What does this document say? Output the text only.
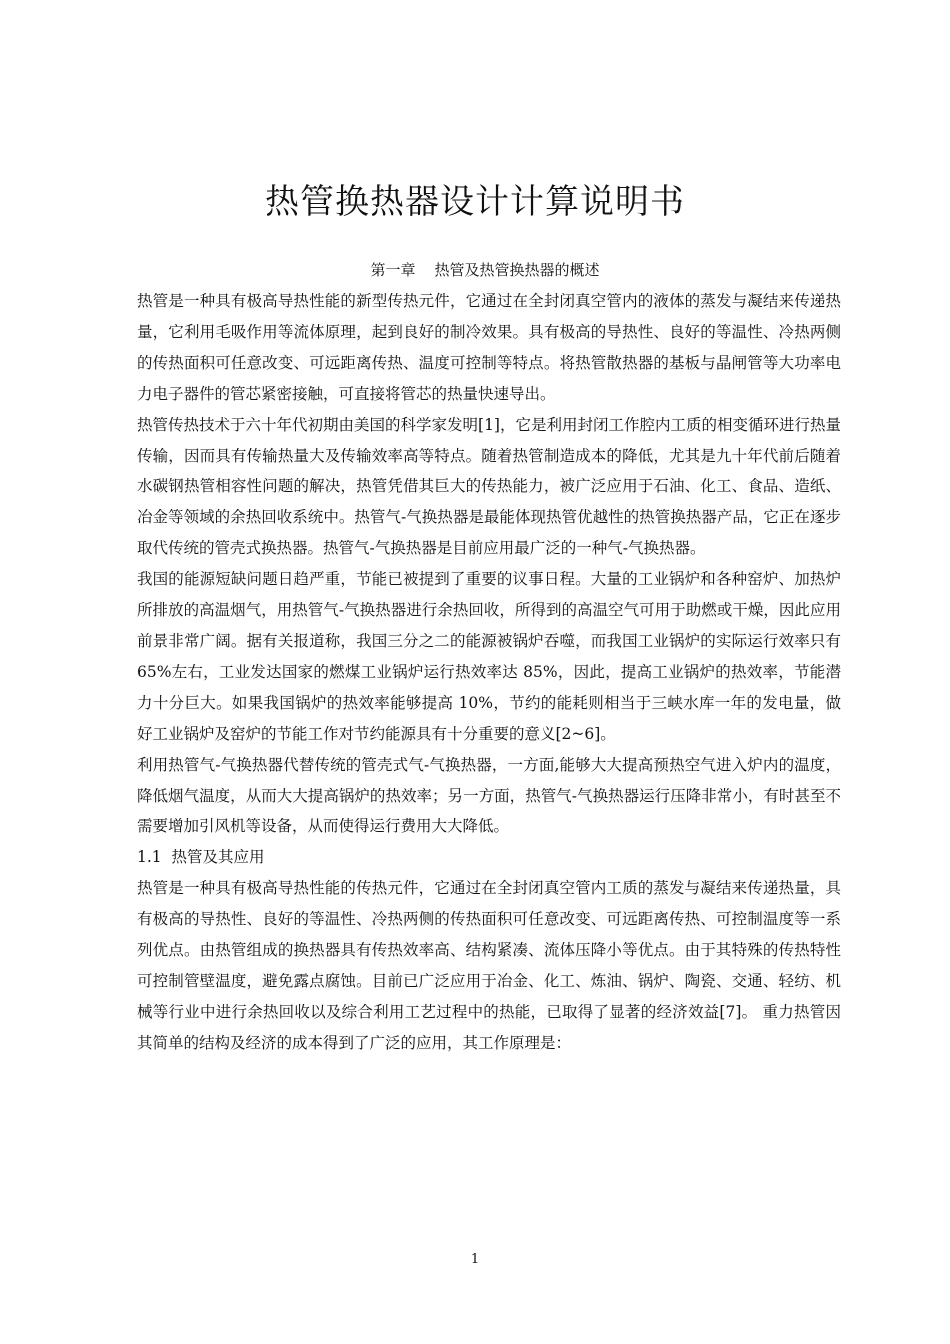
热管换热器设计计算说明书
第一章    热管及热管换热器的概述

热管是一种具有极高导热性能的新型传热元件，它通过在全封闭真空管内的液体的蒸发与凝结来传递热量，它利用毛吸作用等流体原理，起到良好的制冷效果。具有极高的导热性、良好的等温性、冷热两侧的传热面积可任意改变、可远距离传热、温度可控制等特点。将热管散热器的基板与晶闸管等大功率电力电子器件的管芯紧密接触，可直接将管芯的热量快速导出。

热管传热技术于六十年代初期由美国的科学家发明[1]，它是利用封闭工作腔内工质的相变循环进行热量传输，因而具有传输热量大及传输效率高等特点。随着热管制造成本的降低，尤其是九十年代前后随着水碳钢热管相容性问题的解决，热管凭借其巨大的传热能力，被广泛应用于石油、化工、食品、造纸、冶金等领域的余热回收系统中。热管气-气换热器是最能体现热管优越性的热管换热器产品，它正在逐步取代传统的管壳式换热器。热管气-气换热器是目前应用最广泛的一种气-气换热器。

我国的能源短缺问题日趋严重，节能已被提到了重要的议事日程。大量的工业锅炉和各种窑炉、加热炉所排放的高温烟气，用热管气-气换热器进行余热回收，所得到的高温空气可用于助燃或干燥，因此应用前景非常广阔。据有关报道称，我国三分之二的能源被锅炉吞噬，而我国工业锅炉的实际运行效率只有 65%左右，工业发达国家的燃煤工业锅炉运行热效率达 85%，因此，提高工业锅炉的热效率，节能潜力十分巨大。如果我国锅炉的热效率能够提高 10%，节约的能耗则相当于三峡水库一年的发电量，做好工业锅炉及窑炉的节能工作对节约能源具有十分重要的意义[2~6]。

利用热管气-气换热器代替传统的管壳式气-气换热器，一方面,能够大大提高预热空气进入炉内的温度，降低烟气温度，从而大大提高锅炉的热效率；另一方面，热管气-气换热器运行压降非常小，有时甚至不需要增加引风机等设备，从而使得运行费用大大降低。

1.1  热管及其应用

热管是一种具有极高导热性能的传热元件，它通过在全封闭真空管内工质的蒸发与凝结来传递热量，具有极高的导热性、良好的等温性、冷热两侧的传热面积可任意改变、可远距离传热、可控制温度等一系列优点。由热管组成的换热器具有传热效率高、结构紧凑、流体压降小等优点。由于其特殊的传热特性可控制管壁温度，避免露点腐蚀。目前已广泛应用于冶金、化工、炼油、锅炉、陶瓷、交通、轻纺、机械等行业中进行余热回收以及综合利用工艺过程中的热能，已取得了显著的经济效益[7]。 重力热管因其简单的结构及经济的成本得到了广泛的应用，其工作原理是：

1
